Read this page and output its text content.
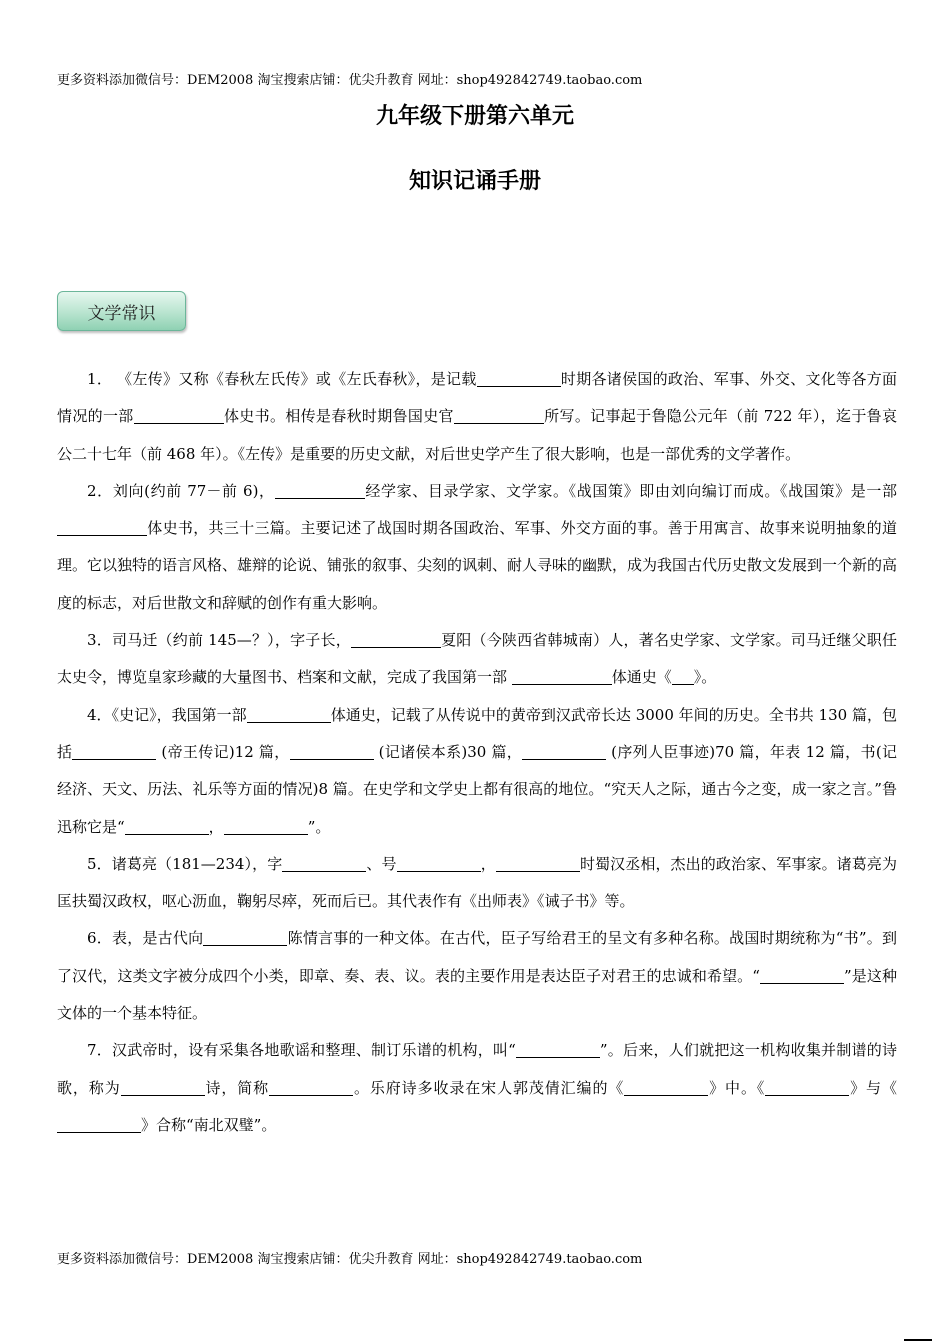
更多资料添加微信号：DEM2008 淘宝搜索店铺：优尖升教育 网址：shop492842749.taobao.com
九年级下册第六单元
知识记诵手册
文学常识

1． 《左传》又称《春秋左氏传》或《左氏春秋》，是记载	时期各诸侯国的政治、军事、外交、文化等各方面情况的一部	体史书。相传是春秋时期鲁国史官	所写。记事起于鲁隐公元年（前 722 年），迄于鲁哀公二十七年（前 468 年）。《左传》是重要的历史文献，对后世史学产生了很大影响，也是一部优秀的文学著作。

2．刘向(约前 77－前 6)，	经学家、目录学家、文学家。《战国策》即由刘向编订而成。《战国策》是一部体史书，共三十三篇。主要记述了战国时期各国政治、军事、外交方面的事。善于用寓言、故事来说明抽象的道理。它以独特的语言风格、雄辩的论说、铺张的叙事、尖刻的讽刺、耐人寻味的幽默，成为我国古代历史散文发展到一个新的高度的标志，对后世散文和辞赋的创作有重大影响。

3．司马迁（约前 145—？），字子长，	夏阳（今陕西省韩城南）人，著名史学家、文学家。司马迁继父职任太史令，博览皇家珍藏的大量图书、档案和文献，完成了我国第一部	体通史《 》。

4．《史记》，我国第一部	体通史，记载了从传说中的黄帝到汉武帝长达 3000 年间的历史。全书共 130 篇，包括	(帝王传记)12 篇，	(记诸侯本系)30 篇，	(序列人臣事迹)70 篇，年表 12 篇，书(记经济、天文、历法、礼乐等方面的情况)8 篇。在史学和文学史上都有很高的地位。“究天人之际，通古今之变，成一家之言。”鲁迅称它是“	，	”。

5．诸葛亮（181—234），字	、号	，	时蜀汉丞相，杰出的政治家、军事家。诸葛亮为匡扶蜀汉政权，呕心沥血，鞠躬尽瘁，死而后已。其代表作有《出师表》《诫子书》等。

6．表，是古代向	陈情言事的一种文体。在古代，臣子写给君王的呈文有多种名称。战国时期统称为“书”。到了汉代，这类文字被分成四个小类，即章、奏、表、议。表的主要作用是表达臣子对君王的忠诚和希望。“	”是这种文体的一个基本特征。

7．汉武帝时，设有采集各地歌谣和整理、制订乐谱的机构，叫“	”。后来，人们就把这一机构收集并制谱的诗歌，称为	诗，简称	。乐府诗多收录在宋人郭茂倩汇编的《	》中。《	》与《》合称“南北双璧”。

更多资料添加微信号：DEM2008 淘宝搜索店铺：优尖升教育 网址：shop492842749.taobao.com
